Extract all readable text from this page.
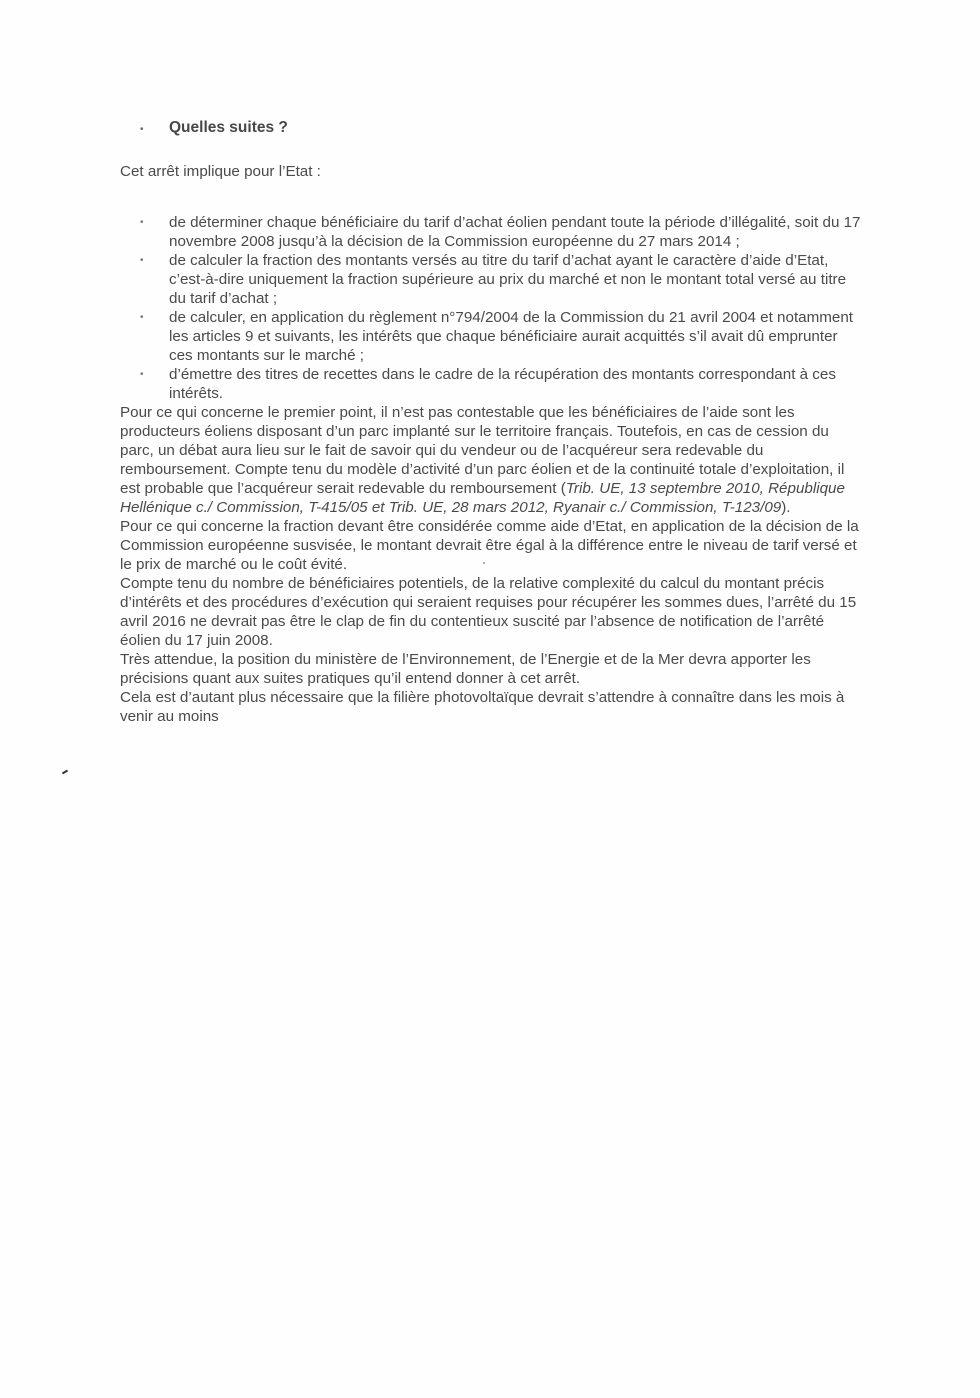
•	Quelles suites ?
Cet arrêt implique pour l’Etat :
• de déterminer chaque bénéficiaire du tarif d’achat éolien pendant toute la période d’illégalité, soit du 17 novembre 2008 jusqu’à la décision de la Commission européenne du 27 mars 2014 ;
• de calculer la fraction des montants versés au titre du tarif d’achat ayant le caractère d’aide d’Etat, c’est-à-dire uniquement la fraction supérieure au prix du marché et non le montant total versé au titre du tarif d’achat ;
• de calculer, en application du règlement n°794/2004 de la Commission du 21 avril 2004 et notamment les articles 9 et suivants, les intérêts que chaque bénéficiaire aurait acquittés s’il avait dû emprunter ces montants sur le marché ;
• d’émettre des titres de recettes dans le cadre de la récupération des montants correspondant à ces intérêts.

Pour ce qui concerne le premier point, il n’est pas contestable que les bénéficiaires de l’aide sont les producteurs éoliens disposant d’un parc implanté sur le territoire français. Toutefois, en cas de cession du parc, un débat aura lieu sur le fait de savoir qui du vendeur ou de l’acquéreur sera redevable du remboursement. Compte tenu du modèle d’activité d’un parc éolien et de la continuité totale d’exploitation, il est probable que l’acquéreur serait redevable du remboursement (Trib. UE, 13 septembre 2010, République Hellénique c./ Commission, T-415/05 et Trib. UE, 28 mars 2012, Ryanair c./ Commission, T-123/09).

Pour ce qui concerne la fraction devant être considérée comme aide d’Etat, en application de la décision de la Commission européenne susvisée, le montant devrait être égal à la différence entre le niveau de tarif versé et le prix de marché ou le coût évité.

Compte tenu du nombre de bénéficiaires potentiels, de la relative complexité du calcul du montant précis d’intérêts et des procédures d’exécution qui seraient requises pour récupérer les sommes dues, l’arrêté du 15 avril 2016 ne devrait pas être le clap de fin du contentieux suscité par l’absence de notification de l’arrêté éolien du 17 juin 2008.

Très attendue, la position du ministère de l’Environnement, de l’Energie et de la Mer devra apporter les précisions quant aux suites pratiques qu’il entend donner à cet arrêt.

Cela est d’autant plus nécessaire que la filière photovoltaïque devrait s’attendre à connaître dans les mois à venir au moins
